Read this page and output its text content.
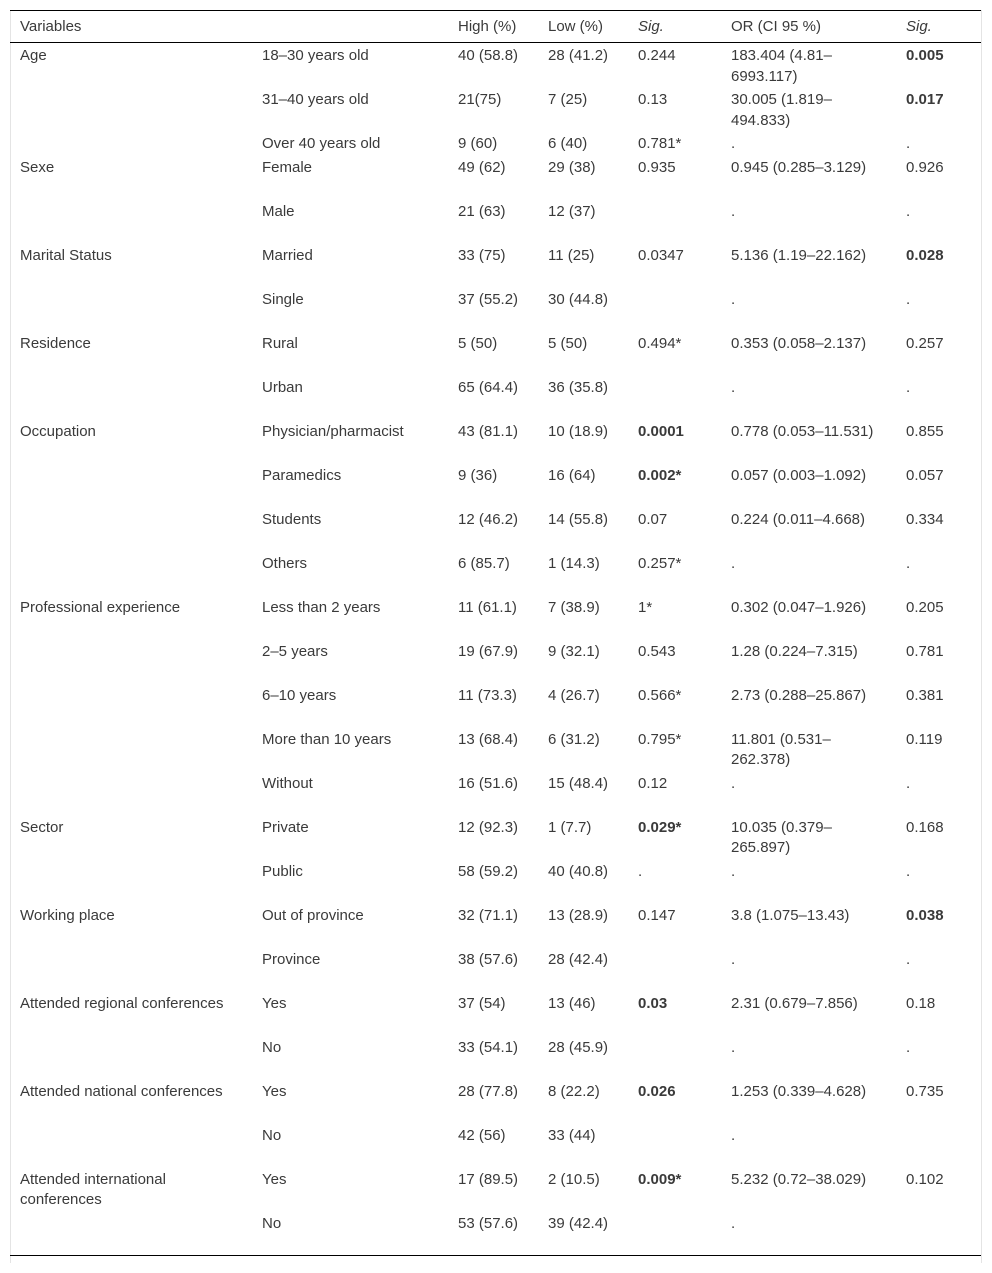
Variables		High (%)	Low (%)	Sig.	OR (CI 95 %)	Sig.
Age	18–30 years old	40 (58.8)	28 (41.2)	0.244	183.404 (4.81–6993.117)	0.005
	31–40 years old	21(75)	7 (25)	0.13	30.005 (1.819–494.833)	0.017
	Over 40 years old	9 (60)	6 (40)	0.781*	.	.
Sexe	Female	49 (62)	29 (38)	0.935	0.945 (0.285–3.129)	0.926
	Male	21 (63)	12 (37)		.	.
Marital Status	Married	33 (75)	11 (25)	0.0347	5.136 (1.19–22.162)	0.028
	Single	37 (55.2)	30 (44.8)		.	.
Residence	Rural	5 (50)	5 (50)	0.494*	0.353 (0.058–2.137)	0.257
	Urban	65 (64.4)	36 (35.8)		.	.
Occupation	Physician/pharmacist	43 (81.1)	10 (18.9)	0.0001	0.778 (0.053–11.531)	0.855
	Paramedics	9 (36)	16 (64)	0.002*	0.057 (0.003–1.092)	0.057
	Students	12 (46.2)	14 (55.8)	0.07	0.224 (0.011–4.668)	0.334
	Others	6 (85.7)	1 (14.3)	0.257*	.	.
Professional experience	Less than 2 years	11 (61.1)	7 (38.9)	1*	0.302 (0.047–1.926)	0.205
	2–5 years	19 (67.9)	9 (32.1)	0.543	1.28 (0.224–7.315)	0.781
	6–10 years	11 (73.3)	4 (26.7)	0.566*	2.73 (0.288–25.867)	0.381
	More than 10 years	13 (68.4)	6 (31.2)	0.795*	11.801 (0.531–262.378)	0.119
	Without	16 (51.6)	15 (48.4)	0.12	.	.
Sector	Private	12 (92.3)	1 (7.7)	0.029*	10.035 (0.379–265.897)	0.168
	Public	58 (59.2)	40 (40.8)	.	.	.
Working place	Out of province	32 (71.1)	13 (28.9)	0.147	3.8 (1.075–13.43)	0.038
	Province	38 (57.6)	28 (42.4)		.	.
Attended regional conferences	Yes	37 (54)	13 (46)	0.03	2.31 (0.679–7.856)	0.18
	No	33 (54.1)	28 (45.9)		.	.
Attended national conferences	Yes	28 (77.8)	8 (22.2)	0.026	1.253 (0.339–4.628)	0.735
	No	42 (56)	33 (44)		.	
Attended international conferences	Yes	17 (89.5)	2 (10.5)	0.009*	5.232 (0.72–38.029)	0.102
	No	53 (57.6)	39 (42.4)		.	
